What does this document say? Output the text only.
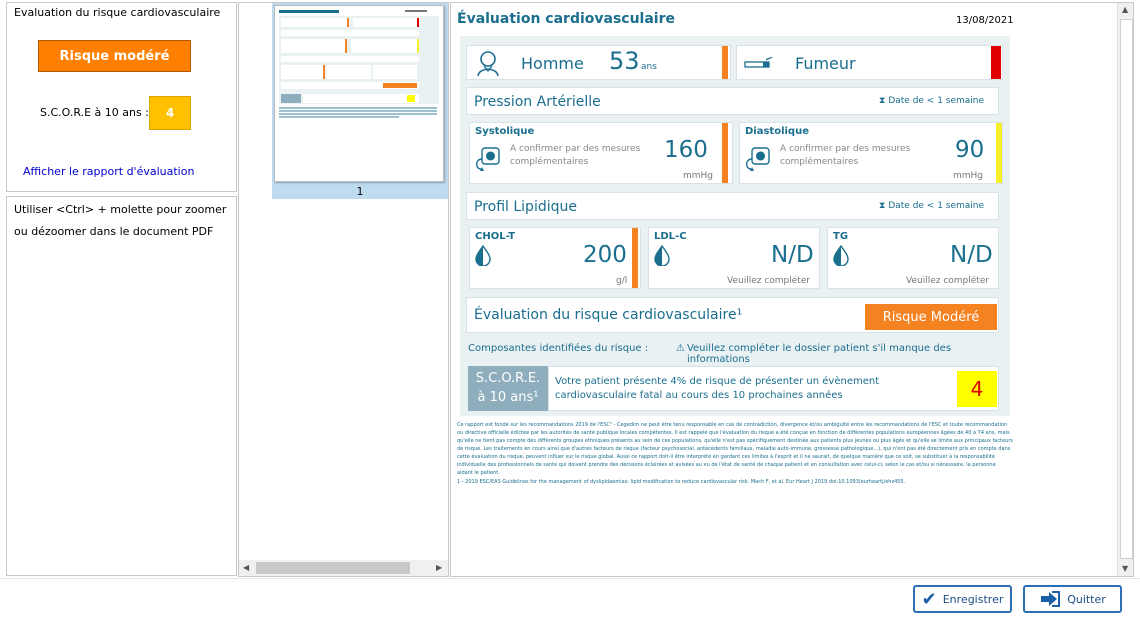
Evaluation du risque cardiovasculaire
Risque modéré
S.C.O.R.E à 10 ans :	4
Afficher le rapport d'évaluation
Utiliser <Ctrl> + molette pour zoomer
ou dézoomer dans le document PDF
1
◀	▶
Évaluation cardiovasculaire	13/08/2021
Homme 53 ans	Fumeur
Pression Artérielle	⧗ Date de < 1 semaine
Systolique
A confirmer par des mesures complémentaires	160
mmHg
Diastolique
A confirmer par des mesures complémentaires	90
mmHg
Profil Lipidique	⧗ Date de < 1 semaine
CHOL-T
200
g/l
LDL-C
N/D
Veuillez compléter
TG
N/D
Veuillez compléter
Évaluation du risque cardiovasculaire¹	Risque Modéré
Composantes identifiées du risque :	⚠ Veuillez compléter le dossier patient s'il manque des informations
S.C.O.R.E.
à 10 ans¹
Votre patient présente 4% de risque de présenter un évènement cardiovasculaire fatal au cours des 10 prochaines années	4
Ce rapport est fondé sur les recommandations 2019 de l'ESC¹ - Cegedim ne peut être tenu responsable en cas de contradiction, divergence et/ou ambiguïté entre les recommandations de l'ESC et toute recommandation ou directive officielle édictée par les autorités de santé publique locales compétentes. Il est rappelé que l'évaluation du risque a été conçue en fonction de différentes populations européennes âgées de 40 à 74 ans, mais qu'elle ne tient pas compte des différents groupes ethniques présents au sein de ces populations, qu'elle n'est pas spécifiquement destinée aux patients plus jeunes ou plus âgés et qu'elle se limite aux principaux facteurs de risque. Les traitements en cours ainsi que d'autres facteurs de risque (facteur psychosocial, antécédents familiaux, maladie auto-immune, grossesse pathologique...), qui n'ont pas été directement pris en compte dans cette évaluation du risque, peuvent influer sur le risque global. Aussi ce rapport doit-il être interprété en gardant ces limites à l'esprit et il ne saurait, de quelque manière que ce soit, se substituer à la responsabilité individuelle des professionnels de santé qui doivent prendre des décisions éclairées et avisées au vu de l'état de santé de chaque patient et en consultation avec celui-ci, selon le cas et/ou si nécessaire, la personne aidant le patient.
1 - 2019 ESC/EAS Guidelines for the management of dyslipidaemias: lipid modification to reduce cardiovascular risk. Mach F, et al. Eur Heart J 2019 doi:10.1093/eurheartj/ehz455.
▲
▼
✔ Enregistrer	Quitter
